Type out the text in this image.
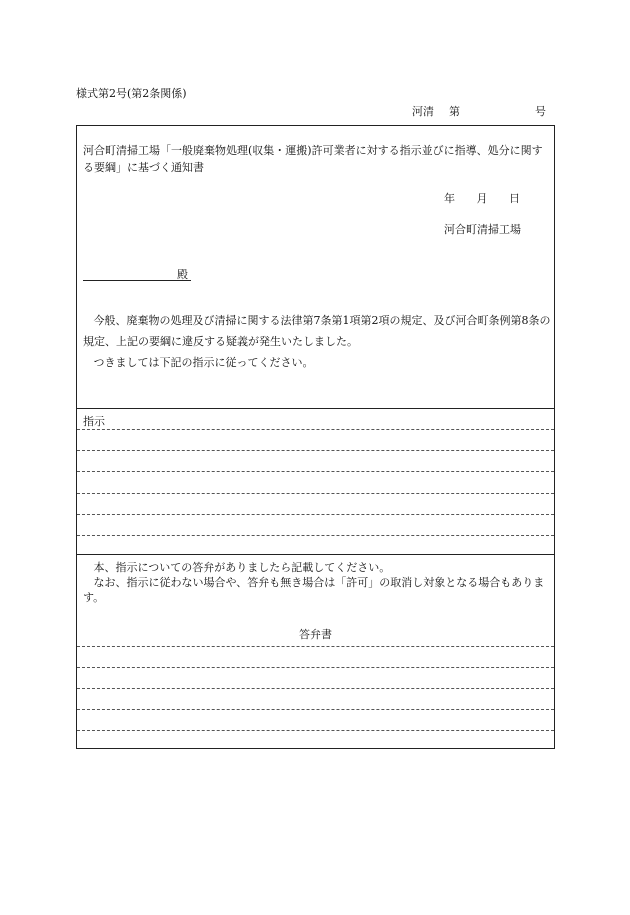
様式第2号(第2条関係)
河清 第	号
河合町清掃工場「一般廃棄物処理(収集・運搬)許可業者に対する指示並びに指導、処分に関する要綱」に基づく通知書
年 月 日
河合町清掃工場
殿

今般、廃棄物の処理及び清掃に関する法律第7条第1項第2項の規定、及び河合町条例第8条の規定、上記の要綱に違反する疑義が発生いたしました。

つきましては下記の指示に従ってください。

指示

本、指示についての答弁がありましたら記載してください。

なお、指示に従わない場合や、答弁も無き場合は「許可」の取消し対象となる場合もあります。

答弁書
